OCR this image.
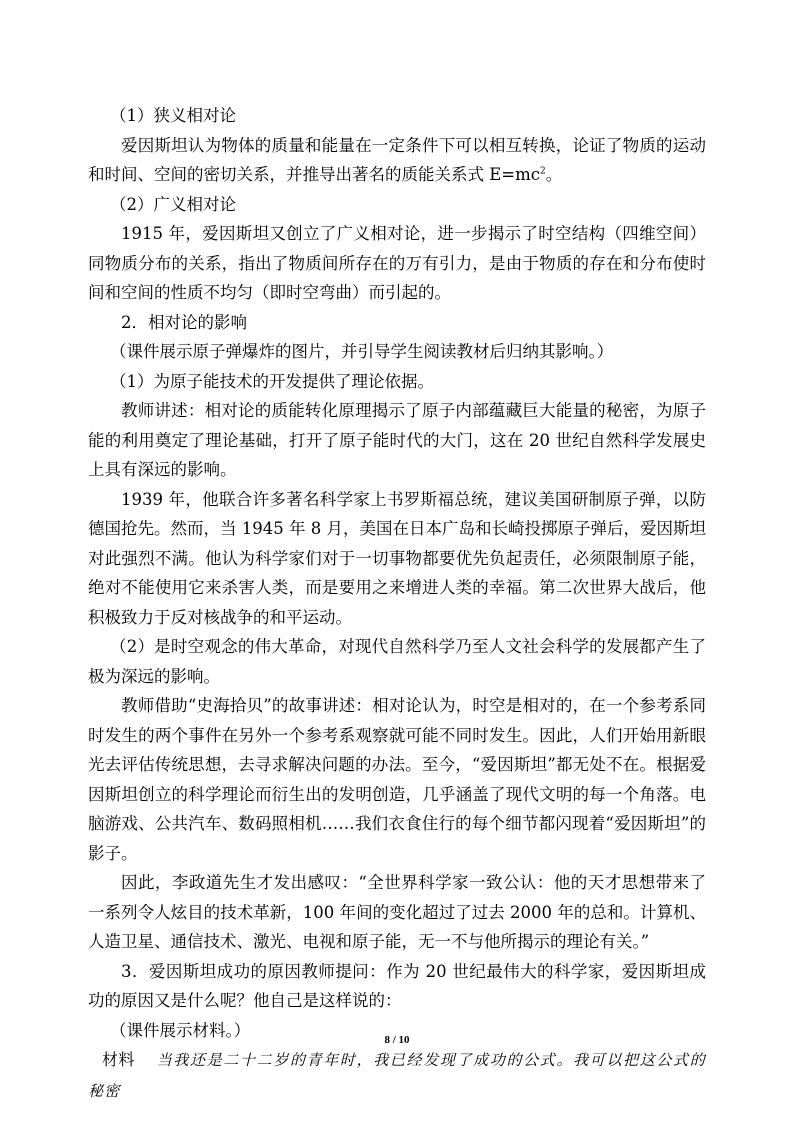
（1）狭义相对论

爱因斯坦认为物体的质量和能量在一定条件下可以相互转换，论证了物质的运动和时间、空间的密切关系，并推导出著名的质能关系式 $E=mc^2$。

（2）广义相对论

1915 年，爱因斯坦又创立了广义相对论，进一步揭示了时空结构（四维空间）同物质分布的关系，指出了物质间所存在的万有引力，是由于物质的存在和分布使时间和空间的性质不均匀（即时空弯曲）而引起的。

2．相对论的影响

（课件展示原子弹爆炸的图片，并引导学生阅读教材后归纳其影响。）

（1）为原子能技术的开发提供了理论依据。

教师讲述：相对论的质能转化原理揭示了原子内部蕴藏巨大能量的秘密，为原子能的利用奠定了理论基础，打开了原子能时代的大门，这在 20 世纪自然科学发展史上具有深远的影响。

1939 年，他联合许多著名科学家上书罗斯福总统，建议美国研制原子弹，以防德国抢先。然而，当 1945 年 8 月，美国在日本广岛和长崎投掷原子弹后，爱因斯坦对此强烈不满。他认为科学家们对于一切事物都要优先负起责任，必须限制原子能，绝对不能使用它来杀害人类，而是要用之来增进人类的幸福。第二次世界大战后，他积极致力于反对核战争的和平运动。

（2）是时空观念的伟大革命，对现代自然科学乃至人文社会科学的发展都产生了极为深远的影响。

教师借助“史海拾贝”的故事讲述：相对论认为，时空是相对的，在一个参考系同时发生的两个事件在另外一个参考系观察就可能不同时发生。因此，人们开始用新眼光去评估传统思想，去寻求解决问题的办法。至今，“爱因斯坦”都无处不在。根据爱因斯坦创立的科学理论而衍生出的发明创造，几乎涵盖了现代文明的每一个角落。电脑游戏、公共汽车、数码照相机……我们衣食住行的每个细节都闪现着“爱因斯坦”的影子。

因此，李政道先生才发出感叹：“全世界科学家一致公认：他的天才思想带来了一系列令人炫目的技术革新，100 年间的变化超过了过去 2000 年的总和。计算机、人造卫星、通信技术、激光、电视和原子能，无一不与他所揭示的理论有关。”

3．爱因斯坦成功的原因教师提问：作为 20 世纪最伟大的科学家，爱因斯坦成功的原因又是什么呢？他自己是这样说的：

（课件展示材料。）

材料 当我还是二十二岁的青年时，我已经发现了成功的公式。我可以把这公式的秘密

8 / 10
